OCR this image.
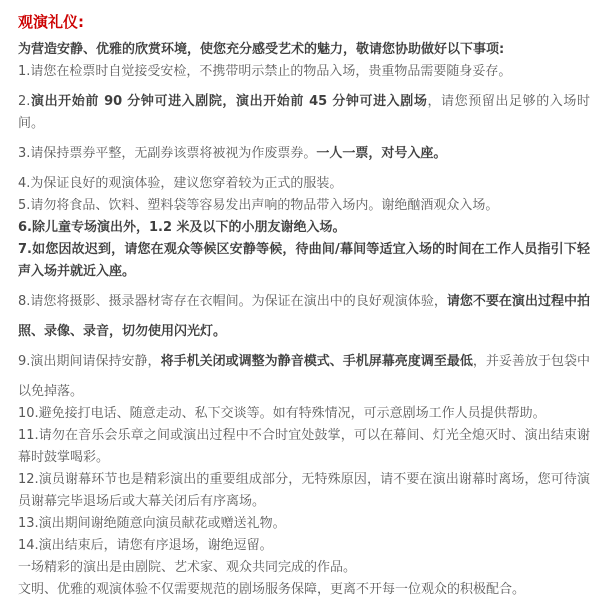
观演礼仪:

为营造安静、优雅的欣赏环境，使您充分感受艺术的魅力，敬请您协助做好以下事项:

1.请您在检票时自觉接受安检，不携带明示禁止的物品入场，贵重物品需要随身妥存。

2.演出开始前 90 分钟可进入剧院，演出开始前 45 分钟可进入剧场，请您预留出足够的入场时间。

3.请保持票券平整，无副券该票将被视为作废票券。一人一票，对号入座。

4.为保证良好的观演体验，建议您穿着较为正式的服装。

5.请勿将食品、饮料、塑料袋等容易发出声响的物品带入场内。谢绝酗酒观众入场。

6.除儿童专场演出外，1.2 米及以下的小朋友谢绝入场。

7.如您因故迟到，请您在观众等候区安静等候，待曲间/幕间等适宜入场的时间在工作人员指引下轻声入场并就近入座。

8.请您将摄影、摄录器材寄存在衣帽间。为保证在演出中的良好观演体验，请您不要在演出过程中拍照、录像、录音，切勿使用闪光灯。

9.演出期间请保持安静，将手机关闭或调整为静音模式、手机屏幕亮度调至最低，并妥善放于包袋中以免掉落。

10.避免接打电话、随意走动、私下交谈等。如有特殊情况，可示意剧场工作人员提供帮助。

11.请勿在音乐会乐章之间或演出过程中不合时宜处鼓掌，可以在幕间、灯光全熄灭时、演出结束谢幕时鼓掌喝彩。

12.演员谢幕环节也是精彩演出的重要组成部分，无特殊原因，请不要在演出谢幕时离场，您可待演员谢幕完毕退场后或大幕关闭后有序离场。

13.演出期间谢绝随意向演员献花或赠送礼物。

14.演出结束后，请您有序退场，谢绝逗留。

一场精彩的演出是由剧院、艺术家、观众共同完成的作品。

文明、优雅的观演体验不仅需要规范的剧场服务保障，更离不开每一位观众的积极配合。
